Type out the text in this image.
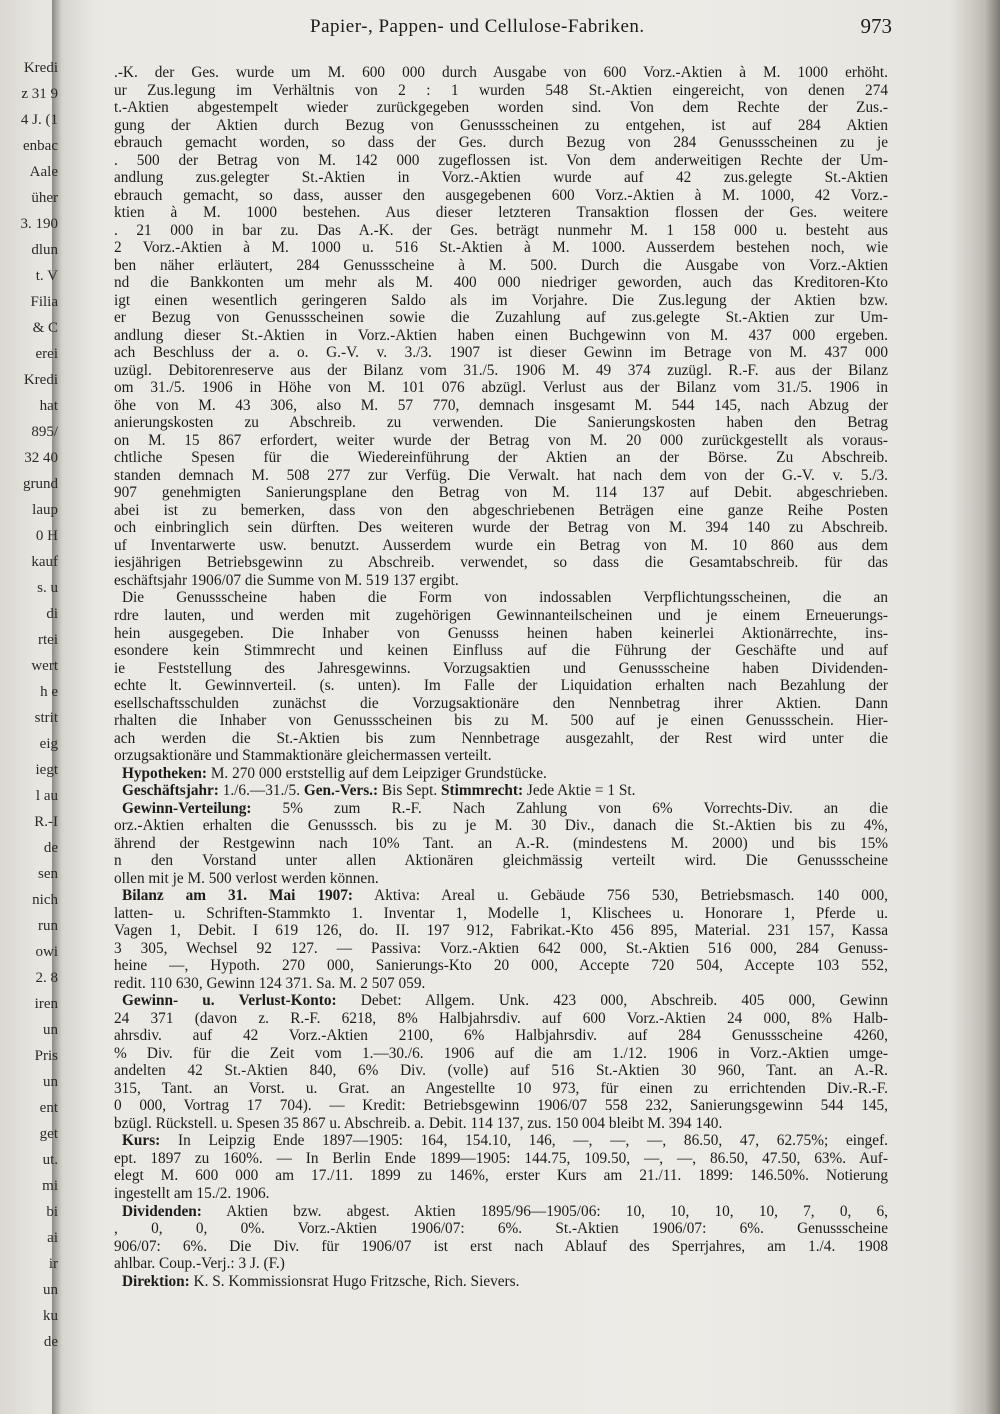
Kredi
z 31 9
4 J. (1
enbac
Aale
üher
3. 190
dlun
t. V
Filia
& C
erei
Kredi
hat
895/
32 40
grund
laup
0 H
kauf
s. u
di
rtei
wert
h e
strit
eig
iegt
l au
R.-I
de
sen
nich
run
owi
2. 8
iren
un
Pris
un
ent
get
ut.
mi
bi
ai
ir
un
ku
de
Papier-, Pappen- und Cellulose-Fabriken.	973

.-K. der Ges. wurde um M. 600 000 durch Ausgabe von 600 Vorz.-Aktien à M. 1000 erhöht.

ur Zus.legung im Verhältnis von 2 : 1 wurden 548 St.-Aktien eingereicht, von denen 274

t.-Aktien abgestempelt wieder zurückgegeben worden sind. Von dem Rechte der Zus.-

gung der Aktien durch Bezug von Genussscheinen zu entgehen, ist auf 284 Aktien

ebrauch gemacht worden, so dass der Ges. durch Bezug von 284 Genussscheinen zu je

. 500 der Betrag von M. 142 000 zugeflossen ist. Von dem anderweitigen Rechte der Um-

andlung zus.gelegter St.-Aktien in Vorz.-Aktien wurde auf 42 zus.gelegte St.-Aktien

ebrauch gemacht, so dass, ausser den ausgegebenen 600 Vorz.-Aktien à M. 1000, 42 Vorz.-

ktien à M. 1000 bestehen. Aus dieser letzteren Transaktion flossen der Ges. weitere

. 21 000 in bar zu. Das A.-K. der Ges. beträgt nunmehr M. 1 158 000 u. besteht aus

2 Vorz.-Aktien à M. 1000 u. 516 St.-Aktien à M. 1000. Ausserdem bestehen noch, wie

ben näher erläutert, 284 Genussscheine à M. 500. Durch die Ausgabe von Vorz.-Aktien

nd die Bankkonten um mehr als M. 400 000 niedriger geworden, auch das Kreditoren-Kto

igt einen wesentlich geringeren Saldo als im Vorjahre. Die Zus.legung der Aktien bzw.

er Bezug von Genussscheinen sowie die Zuzahlung auf zus.gelegte St.-Aktien zur Um-

andlung dieser St.-Aktien in Vorz.-Aktien haben einen Buchgewinn von M. 437 000 ergeben.

ach Beschluss der a. o. G.-V. v. 3./3. 1907 ist dieser Gewinn im Betrage von M. 437 000

uzügl. Debitorenreserve aus der Bilanz vom 31./5. 1906 M. 49 374 zuzügl. R.-F. aus der Bilanz

om 31./5. 1906 in Höhe von M. 101 076 abzügl. Verlust aus der Bilanz vom 31./5. 1906 in

öhe von M. 43 306, also M. 57 770, demnach insgesamt M. 544 145, nach Abzug der

anierungskosten zu Abschreib. zu verwenden. Die Sanierungskosten haben den Betrag

on M. 15 867 erfordert, weiter wurde der Betrag von M. 20 000 zurückgestellt als voraus-

chtliche Spesen für die Wiedereinführung der Aktien an der Börse. Zu Abschreib.

standen demnach M. 508 277 zur Verfüg. Die Verwalt. hat nach dem von der G.-V. v. 5./3.

907 genehmigten Sanierungsplane den Betrag von M. 114 137 auf Debit. abgeschrieben.

abei ist zu bemerken, dass von den abgeschriebenen Beträgen eine ganze Reihe Posten

och einbringlich sein dürften. Des weiteren wurde der Betrag von M. 394 140 zu Abschreib.

uf Inventarwerte usw. benutzt. Ausserdem wurde ein Betrag von M. 10 860 aus dem

iesjährigen Betriebsgewinn zu Abschreib. verwendet, so dass die Gesamtabschreib. für das

eschäftsjahr 1906/07 die Summe von M. 519 137 ergibt.

Die Genussscheine haben die Form von indossablen Verpflichtungsscheinen, die an

rdre lauten, und werden mit zugehörigen Gewinnanteilscheinen und je einem Erneuerungs-

hein ausgegeben. Die Inhaber von Genusss heinen haben keinerlei Aktionärrechte, ins-

esondere kein Stimmrecht und keinen Einfluss auf die Führung der Geschäfte und auf

ie Feststellung des Jahresgewinns. Vorzugsaktien und Genussscheine haben Dividenden-

echte lt. Gewinnverteil. (s. unten). Im Falle der Liquidation erhalten nach Bezahlung der

esellschaftsschulden zunächst die Vorzugsaktionäre den Nennbetrag ihrer Aktien. Dann

rhalten die Inhaber von Genussscheinen bis zu M. 500 auf je einen Genussschein. Hier-

ach werden die St.-Aktien bis zum Nennbetrage ausgezahlt, der Rest wird unter die

orzugsaktionäre und Stammaktionäre gleichermassen verteilt.

Hypotheken: M. 270 000 erststellig auf dem Leipziger Grundstücke.

Geschäftsjahr: 1./6.—31./5. Gen.-Vers.: Bis Sept. Stimmrecht: Jede Aktie = 1 St.

Gewinn-Verteilung: 5% zum R.-F. Nach Zahlung von 6% Vorrechts-Div. an die

orz.-Aktien erhalten die Genusssch. bis zu je M. 30 Div., danach die St.-Aktien bis zu 4%,

ährend der Restgewinn nach 10% Tant. an A.-R. (mindestens M. 2000) und bis 15%

n den Vorstand unter allen Aktionären gleichmässig verteilt wird. Die Genussscheine

ollen mit je M. 500 verlost werden können.

Bilanz am 31. Mai 1907: Aktiva: Areal u. Gebäude 756 530, Betriebsmasch. 140 000,

latten- u. Schriften-Stammkto 1. Inventar 1, Modelle 1, Klischees u. Honorare 1, Pferde u.

Vagen 1, Debit. I 619 126, do. II. 197 912, Fabrikat.-Kto 456 895, Material. 231 157, Kassa

3 305, Wechsel 92 127. — Passiva: Vorz.-Aktien 642 000, St.-Aktien 516 000, 284 Genuss-

heine —, Hypoth. 270 000, Sanierungs-Kto 20 000, Accepte 720 504, Accepte 103 552,

redit. 110 630, Gewinn 124 371. Sa. M. 2 507 059.

Gewinn- u. Verlust-Konto: Debet: Allgem. Unk. 423 000, Abschreib. 405 000, Gewinn

24 371 (davon z. R.-F. 6218, 8% Halbjahrsdiv. auf 600 Vorz.-Aktien 24 000, 8% Halb-

ahrsdiv. auf 42 Vorz.-Aktien 2100, 6% Halbjahrsdiv. auf 284 Genussscheine 4260,

% Div. für die Zeit vom 1.—30./6. 1906 auf die am 1./12. 1906 in Vorz.-Aktien umge-

andelten 42 St.-Aktien 840, 6% Div. (volle) auf 516 St.-Aktien 30 960, Tant. an A.-R.

315, Tant. an Vorst. u. Grat. an Angestellte 10 973, für einen zu errichtenden Div.-R.-F.

0 000, Vortrag 17 704). — Kredit: Betriebsgewinn 1906/07 558 232, Sanierungsgewinn 544 145,

bzügl. Rückstell. u. Spesen 35 867 u. Abschreib. a. Debit. 114 137, zus. 150 004 bleibt M. 394 140.

Kurs: In Leipzig Ende 1897—1905: 164, 154.10, 146, —, —, —, 86.50, 47, 62.75%; eingef.

ept. 1897 zu 160%. — In Berlin Ende 1899—1905: 144.75, 109.50, —, —, 86.50, 47.50, 63%. Auf-

elegt M. 600 000 am 17./11. 1899 zu 146%, erster Kurs am 21./11. 1899: 146.50%. Notierung

ingestellt am 15./2. 1906.

Dividenden: Aktien bzw. abgest. Aktien 1895/96—1905/06: 10, 10, 10, 10, 7, 0, 6,

, 0, 0, 0%. Vorz.-Aktien 1906/07: 6%. St.-Aktien 1906/07: 6%. Genussscheine

906/07: 6%. Die Div. für 1906/07 ist erst nach Ablauf des Sperrjahres, am 1./4. 1908

ahlbar. Coup.-Verj.: 3 J. (F.)

Direktion: K. S. Kommissionsrat Hugo Fritzsche, Rich. Sievers.
